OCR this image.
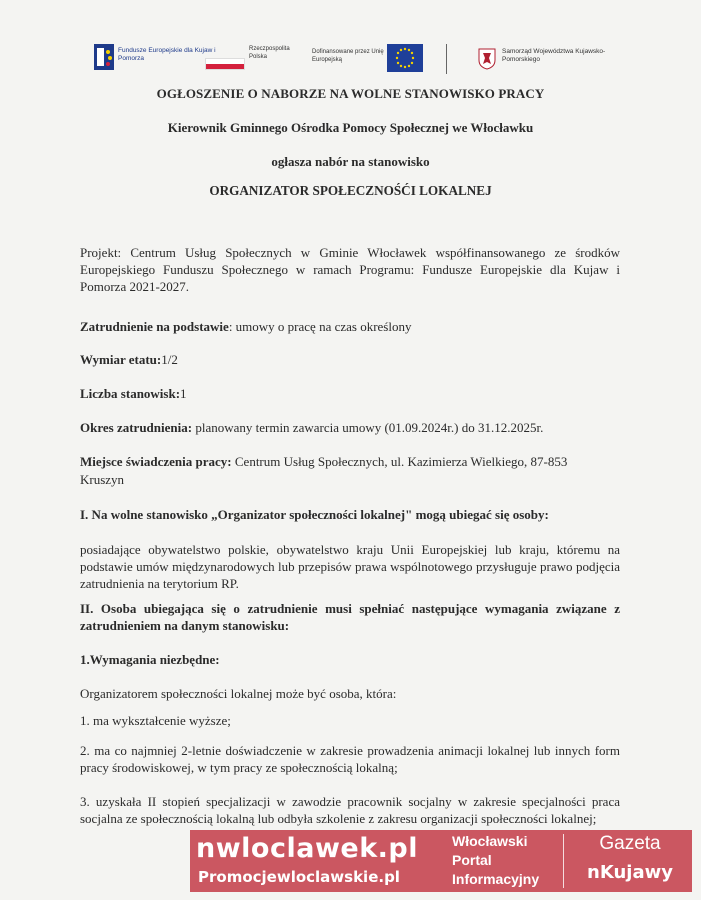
Fundusze Europejskie dla Kujaw i Pomorza
Rzeczpospolita Polska
Dofinansowane przez Unię Europejską
Samorząd Województwa Kujawsko-Pomorskiego
OGŁOSZENIE O NABORZE NA WOLNE STANOWISKO PRACY
Kierownik Gminnego Ośrodka Pomocy Społecznej we Włocławku
ogłasza nabór na stanowisko
ORGANIZATOR SPOŁECZNOŚĆI LOKALNEJ
Projekt: Centrum Usług Społecznych w Gminie Włocławek współfinansowanego ze środków Europejskiego Funduszu Społecznego w ramach Programu: Fundusze Europejskie dla Kujaw i Pomorza 2021-2027.
Zatrudnienie na podstawie: umowy o pracę na czas określony
Wymiar etatu:1/2
Liczba stanowisk:1
Okres zatrudnienia: planowany termin zawarcia umowy (01.09.2024r.) do 31.12.2025r.
Miejsce świadczenia pracy: Centrum Usług Społecznych, ul. Kazimierza Wielkiego, 87-853
Kruszyn
I. Na wolne stanowisko „Organizator społeczności lokalnej" mogą ubiegać się osoby:
posiadające obywatelstwo polskie, obywatelstwo kraju Unii Europejskiej lub kraju, któremu na podstawie umów międzynarodowych lub przepisów prawa wspólnotowego przysługuje prawo podjęcia zatrudnienia na terytorium RP.
II. Osoba ubiegająca się o zatrudnienie musi spełniać następujące wymagania związane z zatrudnieniem na danym stanowisku:
1.Wymagania niezbędne:
Organizatorem społeczności lokalnej może być osoba, która:
1. ma wykształcenie wyższe;
2. ma co najmniej 2-letnie doświadczenie w zakresie prowadzenia animacji lokalnej lub innych form pracy środowiskowej, w tym pracy ze społecznością lokalną;
3. uzyskała II stopień specjalizacji w zawodzie pracownik socjalny w zakresie specjalności praca socjalna ze społecznością lokalną lub odbyła szkolenie z zakresu organizacji społeczności lokalnej;
nwloclawek.pl
Promocjewloclawskie.pl
Włocławski
Portal
Informacyjny
Gazeta
nKujawy
